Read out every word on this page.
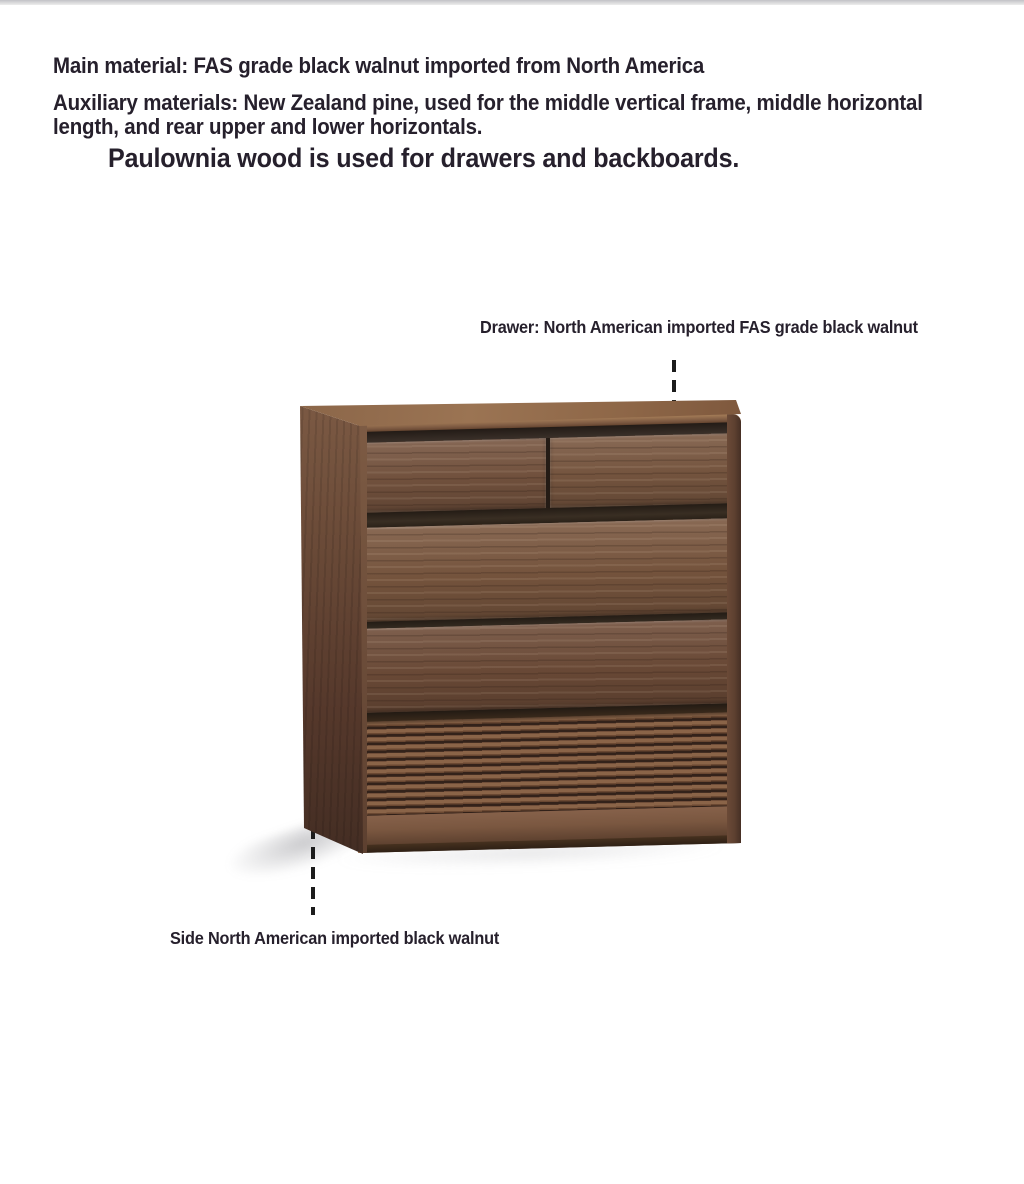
Main material: FAS grade black walnut imported from North America
Auxiliary materials: New Zealand pine, used for the middle vertical frame, middle horizontal
length, and rear upper and lower horizontals.
Paulownia wood is used for drawers and backboards.
Drawer: North American imported FAS grade black walnut
Side North American imported black walnut
